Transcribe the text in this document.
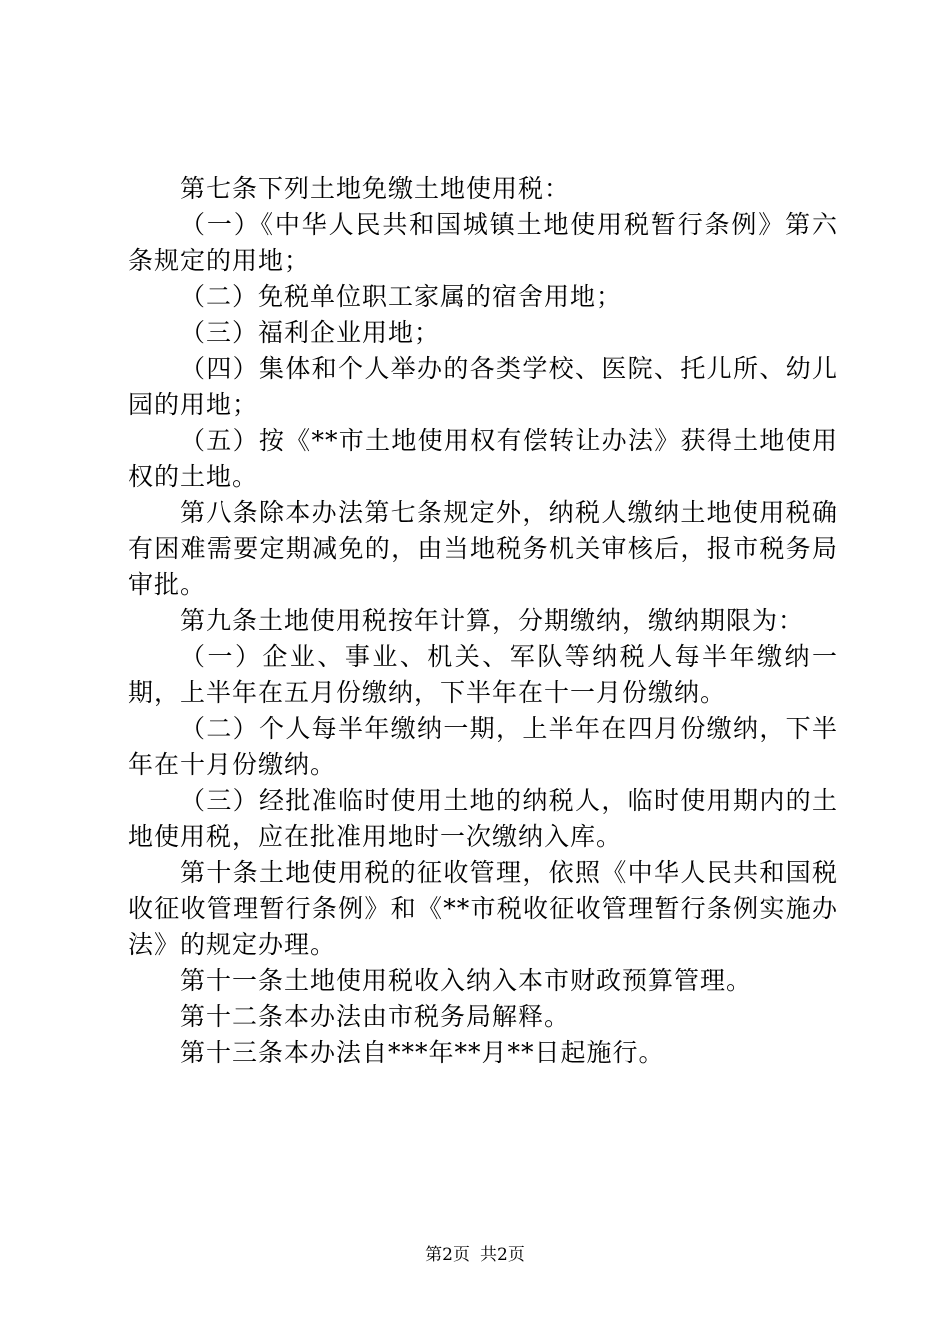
第七条下列土地免缴土地使用税：

（一）《中华人民共和国城镇土地使用税暂行条例》第六条规定的用地；

（二）免税单位职工家属的宿舍用地；

（三）福利企业用地；

（四）集体和个人举办的各类学校、医院、托儿所、幼儿园的用地；

（五）按《**市土地使用权有偿转让办法》获得土地使用权的土地。

第八条除本办法第七条规定外，纳税人缴纳土地使用税确有困难需要定期减免的，由当地税务机关审核后，报市税务局审批。

第九条土地使用税按年计算，分期缴纳，缴纳期限为：

（一）企业、事业、机关、军队等纳税人每半年缴纳一期，上半年在五月份缴纳，下半年在十一月份缴纳。

（二）个人每半年缴纳一期，上半年在四月份缴纳，下半年在十月份缴纳。

（三）经批准临时使用土地的纳税人，临时使用期内的土地使用税，应在批准用地时一次缴纳入库。

第十条土地使用税的征收管理，依照《中华人民共和国税收征收管理暂行条例》和《**市税收征收管理暂行条例实施办法》的规定办理。

第十一条土地使用税收入纳入本市财政预算管理。

第十二条本办法由市税务局解释。

第十三条本办法自***年**月**日起施行。

第2页 共2页
